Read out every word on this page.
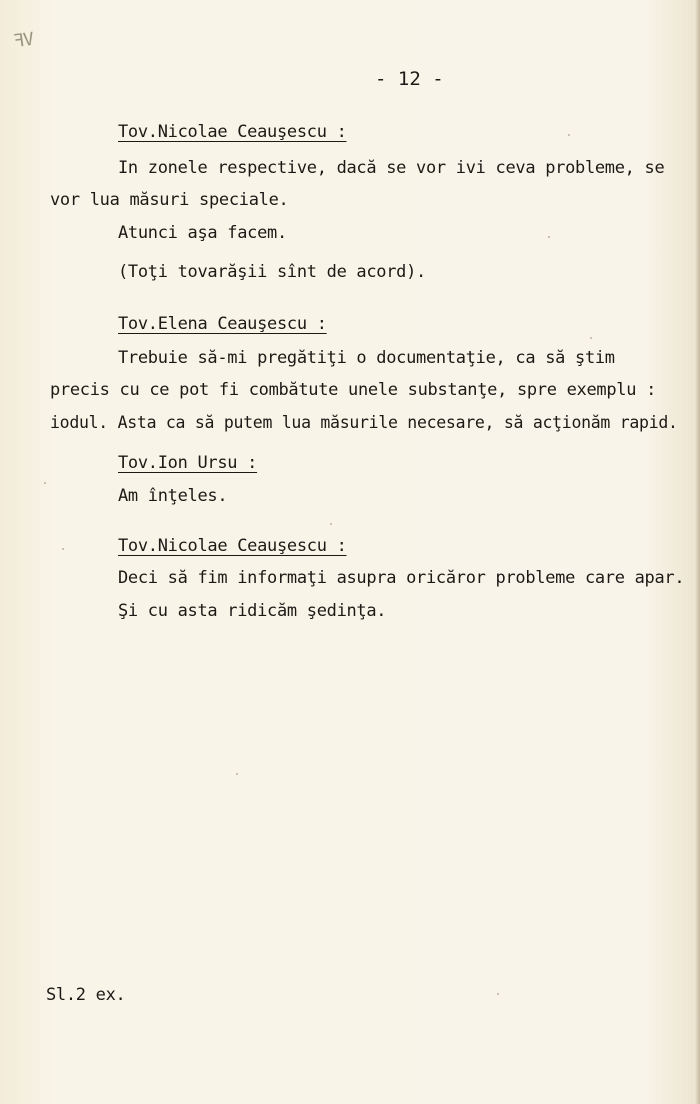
ꟻV
- 12 -
Tov.Nicolae Ceauşescu :
In zonele respective, dacă se vor ivi ceva probleme, se
vor lua măsuri speciale.
Atunci aşa facem.
(Toţi tovarăşii sînt de acord).
Tov.Elena Ceauşescu :
Trebuie să-mi pregătiţi o documentaţie, ca să ştim
precis cu ce pot fi combătute unele substanţe, spre exemplu :
iodul. Asta ca să putem lua măsurile necesare, să acţionăm rapid.
Tov.Ion Ursu :
Am înţeles.
Tov.Nicolae Ceauşescu :
Deci să fim informaţi asupra oricăror probleme care apar.
Şi cu asta ridicăm şedinţa.
Sl.2 ex.
